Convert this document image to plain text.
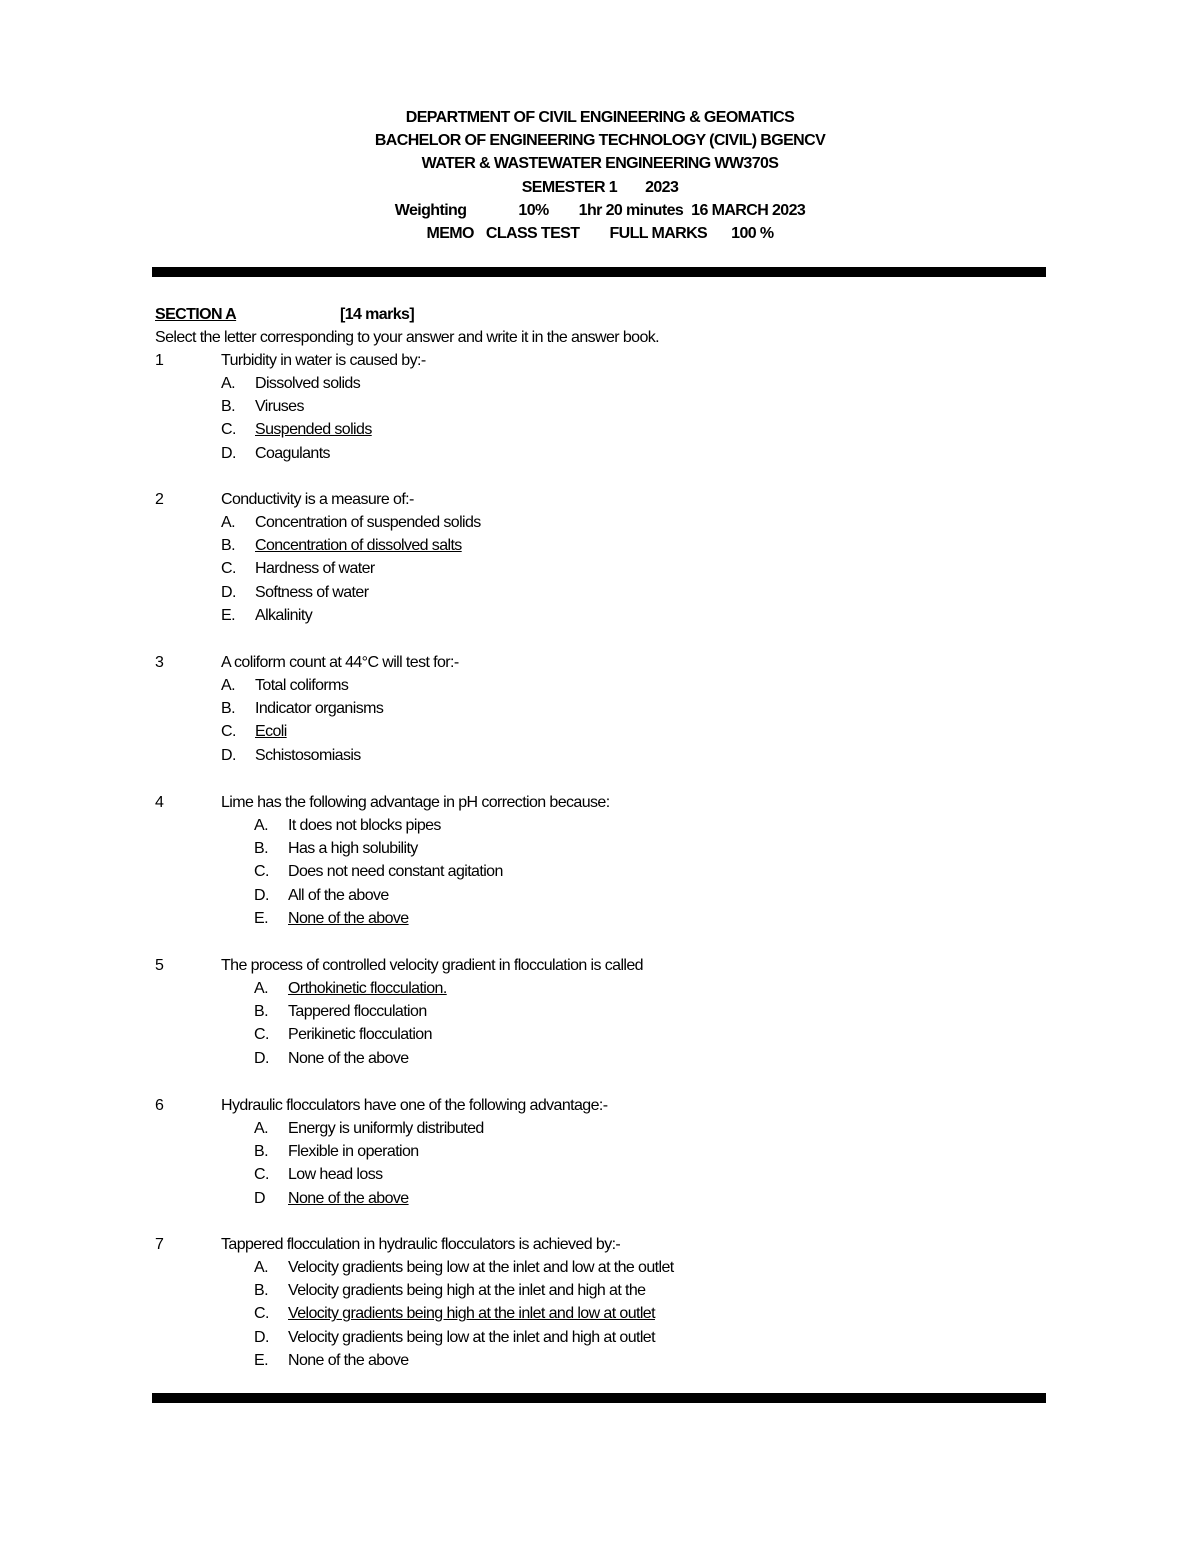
DEPARTMENT OF CIVIL ENGINEERING & GEOMATICS
BACHELOR OF ENGINEERING TECHNOLOGY (CIVIL) BGENCV
WATER & WASTEWATER ENGINEERING WW370S
SEMESTER 1 2023
Weighting	10% 1hr 20 minutes 16 MARCH 2023
MEMO CLASS TEST FULL MARKS 100 %
SECTION A	[14 marks]
Select the letter corresponding to your answer and write it in the answer book.
1	Turbidity in water is caused by:-
A. Dissolved solids
B. Viruses
C. Suspended solids
D. Coagulants
2	Conductivity is a measure of:-
A. Concentration of suspended solids
B. Concentration of dissolved salts
C. Hardness of water
D. Softness of water
E. Alkalinity
3	A coliform count at 44°C will test for:-
A. Total coliforms
B. Indicator organisms
C. Ecoli
D. Schistosomiasis
4	Lime has the following advantage in pH correction because:
A. It does not blocks pipes
B. Has a high solubility
C. Does not need constant agitation
D. All of the above
E. None of the above
5	The process of controlled velocity gradient in flocculation is called
A. Orthokinetic flocculation.
B. Tappered flocculation
C. Perikinetic flocculation
D. None of the above
6	Hydraulic flocculators have one of the following advantage:-
A. Energy is uniformly distributed
B. Flexible in operation
C. Low head loss
D None of the above
7	Tappered flocculation in hydraulic flocculators is achieved by:-
A. Velocity gradients being low at the inlet and low at the outlet
B. Velocity gradients being high at the inlet and high at the
C. Velocity gradients being high at the inlet and low at outlet
D. Velocity gradients being low at the inlet and high at outlet
E. None of the above
